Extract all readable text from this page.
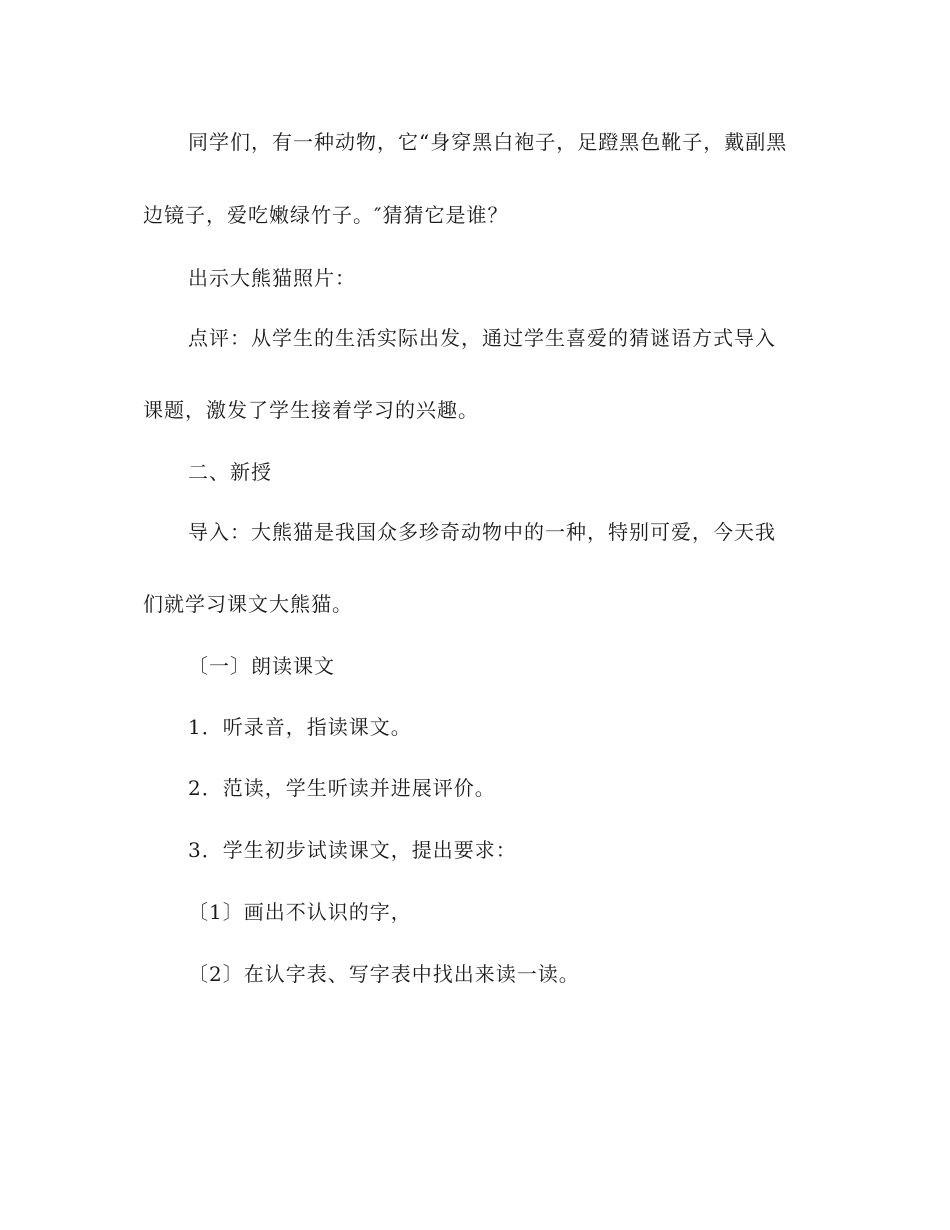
同学们，有一种动物，它“身穿黑白袍子，足蹬黑色靴子，戴副黑
边镜子，爱吃嫩绿竹子。″猜猜它是谁？
出示大熊猫照片：
点评：从学生的生活实际出发，通过学生喜爱的猜谜语方式导入
课题，激发了学生接着学习的兴趣。
二、新授
导入：大熊猫是我国众多珍奇动物中的一种，特别可爱，今天我
们就学习课文大熊猫。
〔一〕朗读课文
1．听录音，指读课文。
2．范读，学生听读并进展评价。
3．学生初步试读课文，提出要求：
〔1〕画出不认识的字，
〔2〕在认字表、写字表中找出来读一读。
